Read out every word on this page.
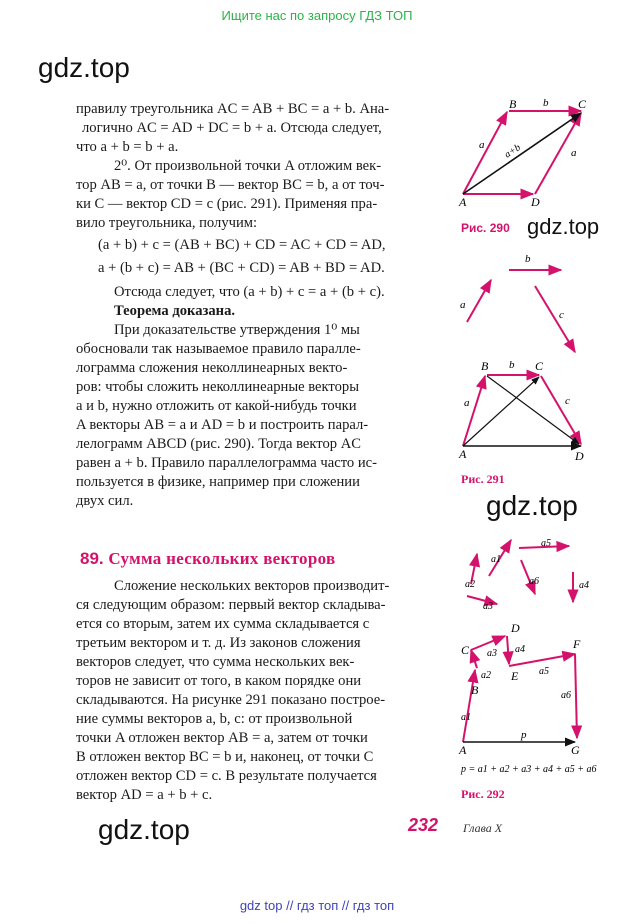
Ищите нас по запросу ГДЗ ТОП
gdz.top
gdz.top
gdz.top
gdz.top
правилу треугольника AC = AB + BC = a + b. Ана-
логично AC = AD + DC = b + a. Отсюда следует,
что a + b = b + a.
2⁰. От произвольной точки A отложим век-
тор AB = a, от точки B — вектор BC = b, а от точ-
ки C — вектор CD = c (рис. 291). Применяя пра-
вило треугольника, получим:
(a + b) + c = (AB + BC) + CD = AC + CD = AD,
a + (b + c) = AB + (BC + CD) = AB + BD = AD.
Отсюда следует, что (a + b) + c = a + (b + c).
Теорема доказана.
При доказательстве утверждения 1⁰ мы
обосновали так называемое правило паралле-
лограмма сложения неколлинеарных векто-
ров: чтобы сложить неколлинеарные векторы
a и b, нужно отложить от какой-нибудь точки
A векторы AB = a и AD = b и построить парал-
лелограмм ABCD (рис. 290). Тогда вектор AC
равен a + b. Правило параллелограмма часто ис-
пользуется в физике, например при сложении
двух сил.
89. Сумма нескольких векторов
Сложение нескольких векторов производит-
ся следующим образом: первый вектор складыва-
ется со вторым, затем их сумма складывается с
третьим вектором и т. д. Из законов сложения
векторов следует, что сумма нескольких век-
торов не зависит от того, в каком порядке они
складываются. На рисунке 291 показано построе-
ние суммы векторов a, b, c: от произвольной
точки A отложен вектор AB = a, затем от точки
B отложен вектор BC = b и, наконец, от точки C
отложен вектор CD = c. В результате получается
вектор AD = a + b + c.
A
B	C
D
a
b
a
a+b
Рис. 290
a
b
c
A
B	C
D
a
b
c
Рис. 291
a1
a2
a3
a4
a5
a6
A
B
C
D
E
F
G
a1
a2
a3 a4
a5
a6
p
p = a1 + a2 + a3 + a4 + a5 + a6
Рис. 292
232 Глава X
gdz top // гдз топ // гдз топ
